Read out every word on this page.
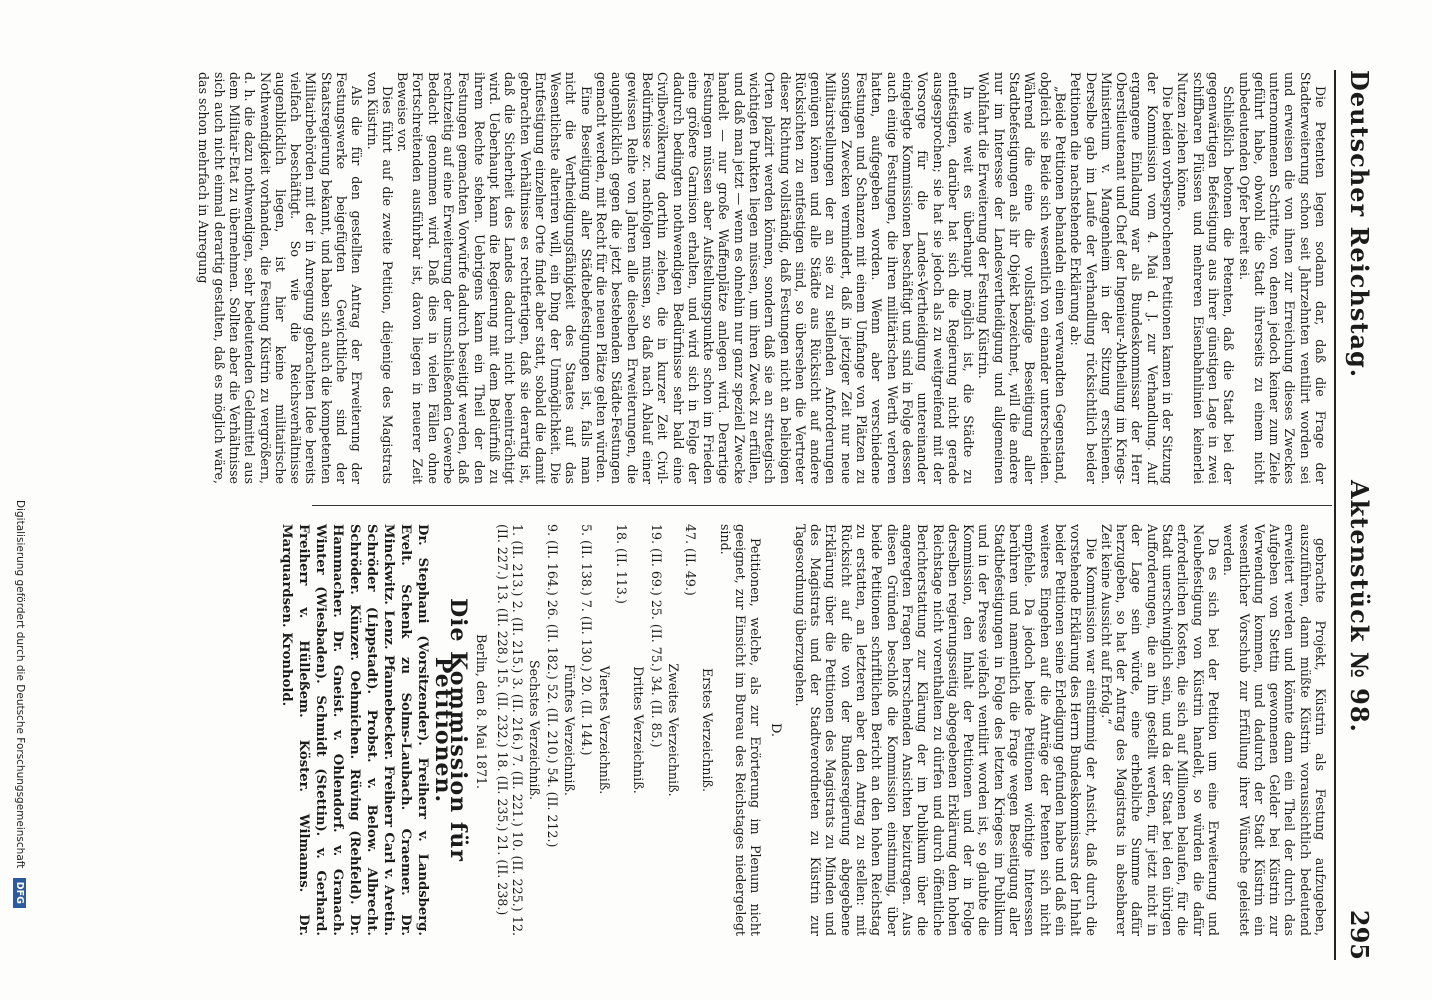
Deutscher Reichstag.
Aktenstück № 98.
295

Die Petenten legen sodann dar, daß die Frage der Stadterweiterung schon seit Jahrzehnten ventilirt worden sei und erweisen die von ihnen zur Erreichung dieses Zweckes unternommenen Schritte, von denen jedoch keiner zum Ziele geführt habe, obwohl die Stadt ihrerseits zu einem nicht unbedeutenden Opfer bereit sei.

Schließlich betonen die Petenten, daß die Stadt bei der gegenwärtigen Befestigung aus ihrer günstigen Lage in zwei schiffbaren Flüssen und mehreren Eisenbahnlinien keinerlei Nutzen ziehen könne.

Die beiden vorbesprochenen Petitionen kamen in der Sitzung der Kommission vom 4. Mai d. J. zur Verhandlung. Auf ergangene Einladung war als Bundeskommissar der Herr Oberstlieutenant und Chef der Ingenieur-Abtheilung im Kriegs-Ministerium v. Mangenheim in der Sitzung erschienen. Derselbe gab im Laufe der Verhandlung rücksichtlich beider Petitionen die nachstehende Erklärung ab:

„Beide Petitionen behandeln einen verwandten Gegenstand, obgleich sie Beide sich wesentlich von einander unterscheiden. Während die eine die vollständige Beseitigung aller Stadtbefestigungen als ihr Objekt bezeichnet, will die andere nur im Interesse der Landesvertheidigung und allgemeinen Wohlfahrt die Erweiterung der Festung Küstrin.

In wie weit es überhaupt möglich ist, die Städte zu entfestigen, darüber hat sich die Regierung nicht gerade ausgesprochen; sie hat sie jedoch als zu weitgreifend mit der Vorsorge für die Landes-Vertheidigung untereinander eingelegte Kommissionen beschäftigt und sind in Folge dessen auch einige Festungen, die ihren militärischen Werth verloren hatten, aufgegeben worden. Wenn aber verschiedene Festungen und Schanzen mit einem Umfange von Plätzen zu sonstigen Zwecken vermindert, daß in jetziger Zeit nur neue Militairstellungen der an sie zu stellenden Anforderungen genügen können und alle Städte aus Rücksicht auf andere Rücksichten zu entfestigen sind, so übersehen die Vertreter dieser Richtung vollständig, daß Festungen nicht an beliebigen Orten plazirt werden können, sondern daß sie an strategisch wichtigen Punkten liegen müssen, um ihren Zweck zu erfüllen, und daß man jetzt — wenn es ohnehin nur ganz speziell Zwecke handelt — nur große Waffenplätze anlegen wird. Derartige Festungen müssen aber Aufstellungspunkte schon im Frieden eine größere Garnison erhalten, und wird sich in Folge der dadurch bedingten nothwendigen Bedürfnisse sehr bald eine Civilbevölkerung dorthin ziehen, die in kurzer Zeit Civil-Bedürfnisse zc. nachfolgen müssen, so daß nach Ablauf einer gewissen Reihe von Jahren alle dieselben Erweiterungen, die augenblicklich gegen die jetzt bestehenden Städte-Festungen gemacht werden, mit Recht für die neuen Plätze gelten würden.

Eine Beseitigung aller Städtebefestigungen ist, falls man nicht die Vertheidigungsfähigkeit des Staates auf das Wesentlichste alteriren will, ein Ding der Unmöglichkeit. Die Entfestigung einzelner Orte findet aber statt, sobald die damit gebrachten Verhältnisse es rechtfertigen, daß sie derartig ist, daß die Sicherheit des Landes dadurch nicht beeinträchtigt wird. Ueberhaupt kann die Regierung mit dem Bedürfniß zu ihrem Rechte stehen. Uebrigens kann ein Theil der den Festungen gemachten Vorwürfe dadurch beseitigt werden, daß rechtzeitig auf eine Erweiterung der umschließenden Gewerbe Bedacht genommen wird. Daß dies in vielen Fällen ohne Fortschreitenden ausführbar ist, davon liegen in neuerer Zeit Beweise vor.

Dies führt auf die zweite Petition, diejenige des Magistrats von Küstrin.

Als die für den gestellten Antrag der Erweiterung der Festungswerke beigefügten Gewichtliche sind der Staatsregierung bekannt, und haben sich auch die kompetenten Militairbehörden mit der in Anregung gebrachten Idee bereits vielfach beschäftigt. So wie die Reichsverhältnisse augenblicklich liegen, ist hier keine militairische Nothwendigkeit vorhanden, die Festung Küstrin zu vergrößern, d. h. die dazu nothwendigen, sehr bedeutenden Geldmittel aus dem Militair-Etat zu übernehmen. Sollten aber die Verhältnisse sich auch nicht einmal derartig gestalten, daß es möglich wäre, das schon mehrfach in Anregung

gebrachte Projekt, Küstrin als Festung aufzugeben, auszuführen, dann müßte Küstrin voraussichtlich bedeutend erweitert werden und könnte dann ein Theil der durch das Aufgeben von Stettin gewonnenen Gelder bei Küstrin zur Verwendung kommen, und dadurch der Stadt Küstrin ein wesentlicher Vorschub zur Erfüllung ihrer Wünsche geleistet werden.

Da es sich bei der Petition um eine Erweiterung und Neubefestigung von Küstrin handelt, so würden die dafür erforderlichen Kosten, die sich auf Millionen belaufen, für die Stadt unerschwinglich sein, und da der Staat bei den übrigen Aufforderungen, die an ihn gestellt werden, für jetzt nicht in der Lage sein würde, eine erhebliche Summe dafür herzugeben, so hat der Antrag des Magistrats in absehbarer Zeit keine Aussicht auf Erfolg.“

Die Kommission war einstimmig der Ansicht, daß durch die vorstehende Erklärung des Herrn Bundeskommissars der Inhalt beider Petitionen seine Erledigung gefunden habe und daß ein weiteres Eingehen auf die Anträge der Petenten sich nicht empfehle. Da jedoch beide Petitionen wichtige Interessen berühren und namentlich die Frage wegen Beseitigung aller Stadtbefestigungen in Folge des letzten Krieges im Publikum und in der Presse vielfach ventilirt worden ist, so glaubte die Kommission, den Inhalt der Petitionen und der in Folge derselben regierungsseitig abgegebenen Erklärung dem hohen Reichstage nicht vorenthalten zu dürfen und durch öffentliche Berichterstattung zur Klärung der im Publikum über die angeregten Fragen herrschenden Ansichten beizutragen. Aus diesen Gründen beschloß die Kommission einstimmig, über beide Petitionen schriftlichen Bericht an den hohen Reichstag zu erstatten, an letzteren aber den Antrag zu stellen: mit Rücksicht auf die von der Bundesregierung abgegebene Erklärung über die Petitionen des Magistrats zu Minden und des Magistrats und der Stadtverordneten zu Küstrin zur Tagesordnung überzugehen.

D.

Petitionen, welche, als zur Erörterung im Plenum nicht geeignet, zur Einsicht im Bureau des Reichstages niedergelegt sind.

Erstes Verzeichniß.

47. (II. 49.)

Zweites Verzeichniß.

19. (II. 69.) 25. (II. 75.) 34. (II. 85.)

Drittes Verzeichniß.

18. (II. 113.)

Viertes Verzeichniß.

5. (II. 138.) 7. (II. 130.) 20. (II. 144.)

Fünftes Verzeichniß.

9. (II. 164.) 26. (II. 182.) 52. (II. 210.) 54. (II. 212.)

Sechstes Verzeichniß.

1. (II. 213.) 2. (II. 215.) 3. (II. 216.) 7. (II. 221.) 10. (II. 225.) 12. (II. 227.) 13. (II. 228.) 15. (II. 232.) 18. (II. 235.) 21. (II. 238.)

Berlin, den 8. Mai 1871.
Die Kommission für Petitionen.
Dr. Stephani (Vorsitzender). Freiherr v. Landsberg. Evelt. Schenk zu Solms-Laubach. Craemer. Dr. Minckwitz. Lenz. Pfannebecker. Freiherr Carl v. Aretin. Schröder (Lippstadt). Probst. v. Below. Albrecht. Schröder. Künzer. Oehmichen. Rüving (Rehfeld). Dr. Hammacher. Dr. Gneist. v. Ohlendorf. v. Granach. Winter (Wiesbaden). Schmidt (Stettin). v. Gerhard. Freiherr v. Hülleßem. Köster. Wilmanns. Dr. Marquardsen. Kronhold.
Digitalisierung gefördert durch die Deutsche Forschungsgemeinschaft DFG
